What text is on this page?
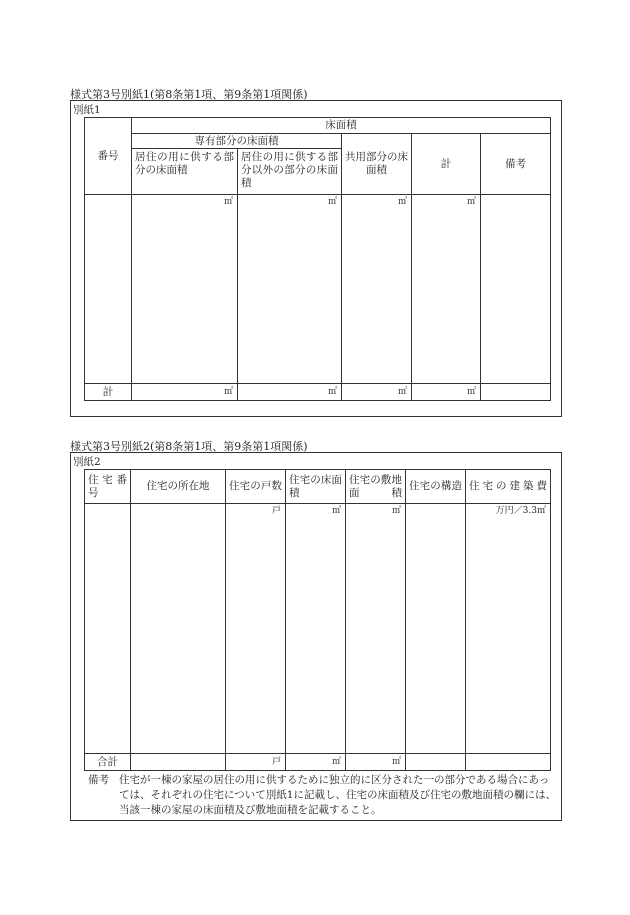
様式第3号別紙1(第8条第1項、第9条第1項関係)
別紙1
番号	床面積				
	専有部分の床面積		共用部分の床面積	計	備考
	居住の用に供する部分の床面積	居住の用に供する部分以外の部分の床面積			
	㎡	㎡	㎡	㎡	
計	㎡	㎡	㎡	㎡	
様式第3号別紙2(第8条第1項、第9条第1項関係)
別紙2
住宅番号	住宅の所在地	住宅の戸数	住宅の床面積	住宅の敷地面積	住宅の構造	住宅の建築費
		戸	㎡	㎡		万円／3.3㎡
合計		戸	㎡	㎡		
備考 住宅が一棟の家屋の居住の用に供するために独立的に区分された一の部分である場合にあっては、それぞれの住宅について別紙1に記載し、住宅の床面積及び住宅の敷地面積の欄には、当該一棟の家屋の床面積及び敷地面積を記載すること。
